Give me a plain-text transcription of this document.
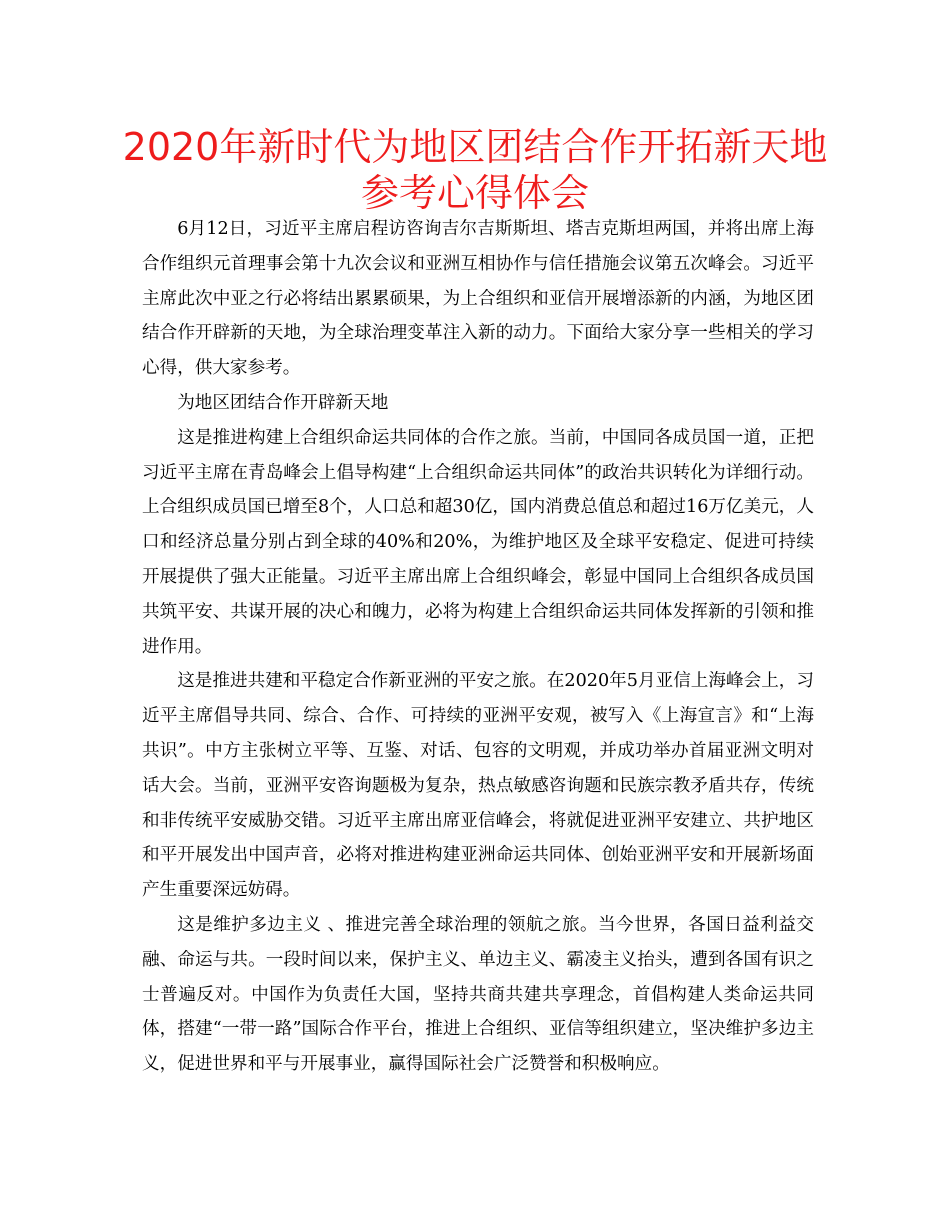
2020年新时代为地区团结合作开拓新天地
参考心得体会

6月12日，习近平主席启程访咨询吉尔吉斯斯坦、塔吉克斯坦两国，并将出席上海合作组织元首理事会第十九次会议和亚洲互相协作与信任措施会议第五次峰会。习近平主席此次中亚之行必将结出累累硕果，为上合组织和亚信开展增添新的内涵，为地区团结合作开辟新的天地，为全球治理变革注入新的动力。下面给大家分享一些相关的学习心得，供大家参考。

为地区团结合作开辟新天地

这是推进构建上合组织命运共同体的合作之旅。当前，中国同各成员国一道，正把习近平主席在青岛峰会上倡导构建“上合组织命运共同体”的政治共识转化为详细行动。上合组织成员国已增至8个，人口总和超30亿，国内消费总值总和超过16万亿美元，人口和经济总量分别占到全球的40%和20%，为维护地区及全球平安稳定、促进可持续开展提供了强大正能量。习近平主席出席上合组织峰会，彰显中国同上合组织各成员国共筑平安、共谋开展的决心和魄力，必将为构建上合组织命运共同体发挥新的引领和推进作用。

这是推进共建和平稳定合作新亚洲的平安之旅。在2020年5月亚信上海峰会上，习近平主席倡导共同、综合、合作、可持续的亚洲平安观，被写入《上海宣言》和“上海共识”。中方主张树立平等、互鉴、对话、包容的文明观，并成功举办首届亚洲文明对话大会。当前，亚洲平安咨询题极为复杂，热点敏感咨询题和民族宗教矛盾共存，传统和非传统平安威胁交错。习近平主席出席亚信峰会，将就促进亚洲平安建立、共护地区和平开展发出中国声音，必将对推进构建亚洲命运共同体、创始亚洲平安和开展新场面产生重要深远妨碍。

这是维护多边主义 、推进完善全球治理的领航之旅。当今世界，各国日益利益交融、命运与共。一段时间以来，保护主义、单边主义、霸凌主义抬头，遭到各国有识之士普遍反对。中国作为负责任大国，坚持共商共建共享理念，首倡构建人类命运共同体，搭建“一带一路”国际合作平台，推进上合组织、亚信等组织建立，坚决维护多边主义，促进世界和平与开展事业，赢得国际社会广泛赞誉和积极响应。
